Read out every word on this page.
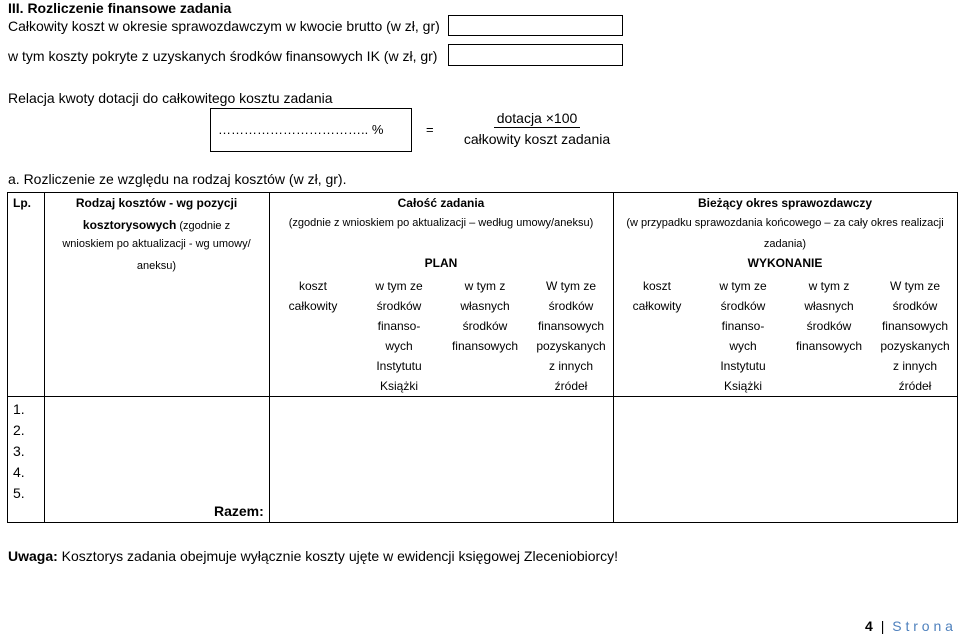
III. Rozliczenie finansowe zadania
Całkowity koszt w okresie sprawozdawczym w kwocie brutto (w zł, gr)
w tym koszty pokryte z uzyskanych środków finansowych IK (w zł, gr)
Relacja kwoty dotacji do całkowitego kosztu zadania
…………………………….. %	=
dotacja ×100
całkowity koszt zadania
a. Rozliczenie ze względu na rodzaj kosztów (w zł, gr).
Lp.	Rodzaj kosztów - wg pozycji
kosztorysowych (zgodnie z
wnioskiem po aktualizacji - wg umowy/
aneksu)
Całość zadania
(zgodnie z wnioskiem po aktualizacji – według umowy/aneksu)
PLAN
Bieżący okres sprawozdawczy
(w przypadku sprawozdania końcowego – za cały okres realizacji
zadania)
WYKONANIE
koszt
całkowity
w tym ze
środków
finanso-
wych
Instytutu
Książki
w tym z
własnych
środków
finansowych
W tym ze
środków
finansowych
pozyskanych
z innych
źródeł
koszt
całkowity
w tym ze
środków
finanso-
wych
Instytutu
Książki
w tym z
własnych
środków
finansowych
W tym ze
środków
finansowych
pozyskanych
z innych
źródeł
1.
2.
3.
4.
5.
Razem:
Uwaga: Kosztorys zadania obejmuje wyłącznie koszty ujęte w ewidencji księgowej Zleceniobiorcy!
4 | S t r o n a
